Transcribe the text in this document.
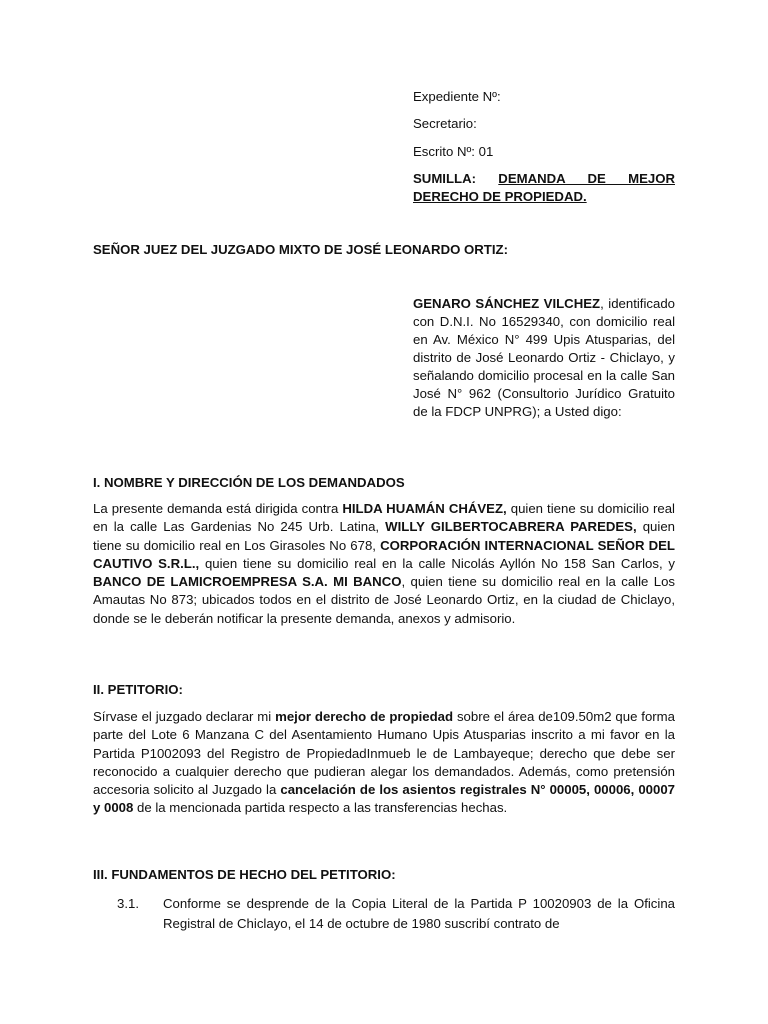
Expediente Nº:

Secretario:

Escrito Nº: 01

SUMILLA: DEMANDA DE MEJOR DERECHO DE PROPIEDAD.
SEÑOR JUEZ DEL JUZGADO MIXTO DE JOSÉ LEONARDO ORTIZ:
GENARO SÁNCHEZ VILCHEZ, identificado con D.N.I. No 16529340, con domicilio real en Av. México N° 499 Upis Atusparias, del distrito de José Leonardo Ortiz - Chiclayo, y señalando domicilio procesal en la calle San José N° 962 (Consultorio Jurídico Gratuito de la FDCP UNPRG); a Usted digo:
I. NOMBRE Y DIRECCIÓN DE LOS DEMANDADOS
La presente demanda está dirigida contra HILDA HUAMÁN CHÁVEZ, quien tiene su domicilio real en la calle Las Gardenias No 245 Urb. Latina, WILLY GILBERTOCABRERA PAREDES, quien tiene su domicilio real en Los Girasoles No 678, CORPORACIÓN INTERNACIONAL SEÑOR DEL CAUTIVO S.R.L., quien tiene su domicilio real en la calle Nicolás Ayllón No 158 San Carlos, y BANCO DE LAMICROEMPRESA S.A. MI BANCO, quien tiene su domicilio real en la calle Los Amautas No 873; ubicados todos en el distrito de José Leonardo Ortiz, en la ciudad de Chiclayo, donde se le deberán notificar la presente demanda, anexos y admisorio.
II. PETITORIO:
Sírvase el juzgado declarar mi mejor derecho de propiedad sobre el área de109.50m2 que forma parte del Lote 6 Manzana C del Asentamiento Humano Upis Atusparias inscrito a mi favor en la Partida P1002093 del Registro de PropiedadInmueb le de Lambayeque; derecho que debe ser reconocido a cualquier derecho que pudieran alegar los demandados. Además, como pretensión accesoria solicito al Juzgado la cancelación de los asientos registrales N° 00005, 00006, 00007 y 0008 de la mencionada partida respecto a las transferencias hechas.
III. FUNDAMENTOS DE HECHO DEL PETITORIO:
3.1. Conforme se desprende de la Copia Literal de la Partida P 10020903 de la Oficina Registral de Chiclayo, el 14 de octubre de 1980 suscribí contrato de
